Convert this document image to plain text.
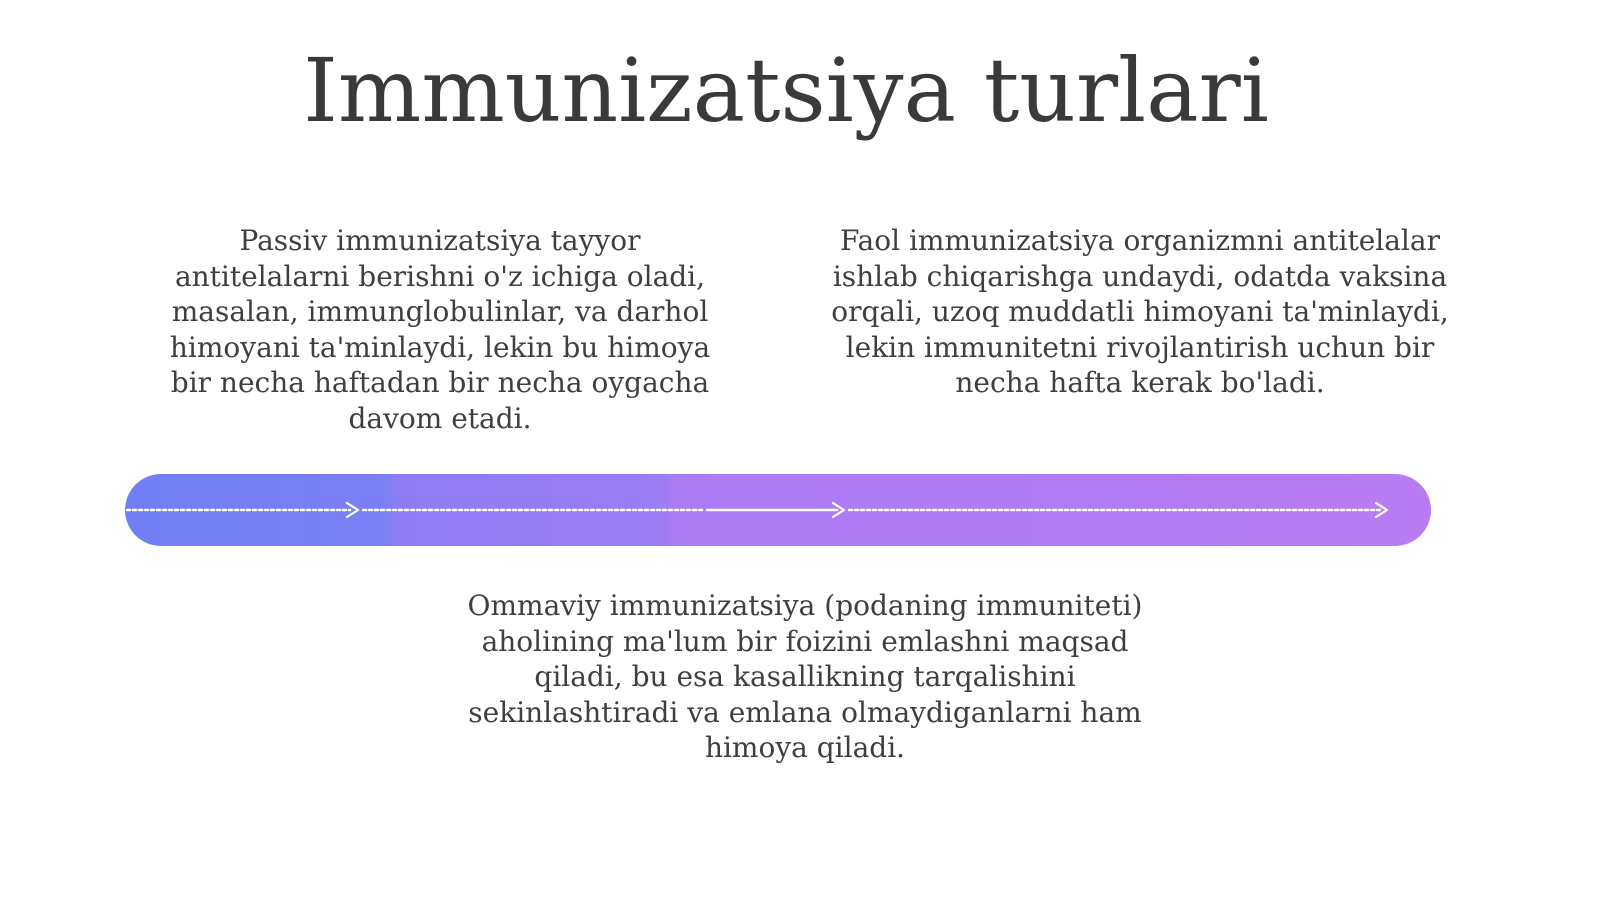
Immunizatsiya turlari

Passiv immunizatsiya tayyor antitelalarni berishni o'z ichiga oladi, masalan, immunglobulinlar, va darhol himoyani ta'minlaydi, lekin bu himoya bir necha haftadan bir necha oygacha davom etadi.

Faol immunizatsiya organizmni antitelalar ishlab chiqarishga undaydi, odatda vaksina orqali, uzoq muddatli himoyani ta'minlaydi, lekin immunitetni rivojlantirish uchun bir necha hafta kerak bo'ladi.

Ommaviy immunizatsiya (podaning immuniteti) aholining ma'lum bir foizini emlashni maqsad qiladi, bu esa kasallikning tarqalishini sekinlashtiradi va emlana olmaydiganlarni ham himoya qiladi.
